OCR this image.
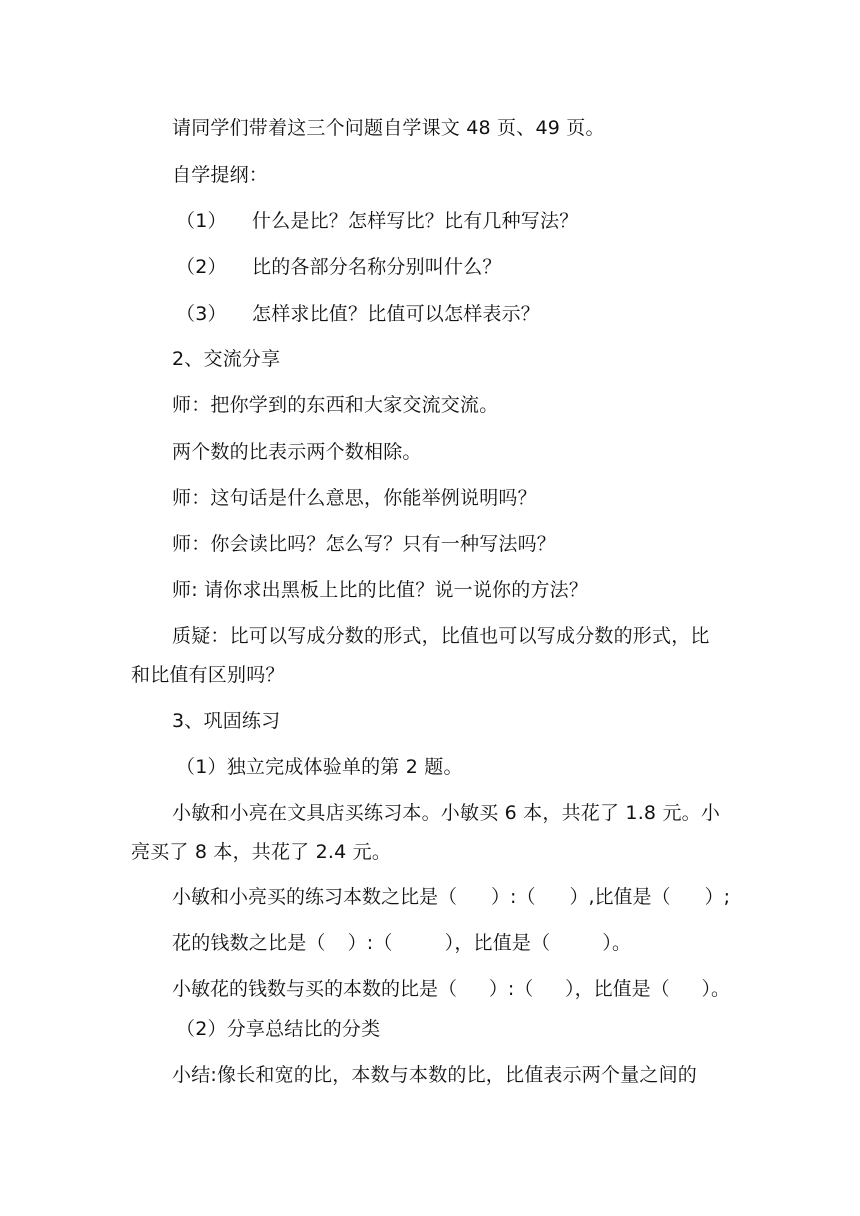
请同学们带着这三个问题自学课文 48 页、49 页。
自学提纲：
（1） 什么是比？怎样写比？比有几种写法？
（2） 比的各部分名称分别叫什么？
（3） 怎样求比值？比值可以怎样表示？
2、交流分享
师：把你学到的东西和大家交流交流。
两个数的比表示两个数相除。
师：这句话是什么意思，你能举例说明吗？
师：你会读比吗？怎么写？只有一种写法吗？
师: 请你求出黑板上比的比值？说一说你的方法？
质疑：比可以写成分数的形式，比值也可以写成分数的形式，比
和比值有区别吗？
3、巩固练习
（1）独立完成体验单的第 2 题。
小敏和小亮在文具店买练习本。小敏买 6 本，共花了 1.8 元。小
亮买了 8 本，共花了 2.4 元。
小敏和小亮买的练习本数之比是（ ）:（ ）,比值是（ ）;
花的钱数之比是（ ）:（	），比值是（	）。
小敏花的钱数与买的本数的比是（ ）:（ ），比值是（ ）。
（2）分享总结比的分类
小结:像长和宽的比，本数与本数的比，比值表示两个量之间的
